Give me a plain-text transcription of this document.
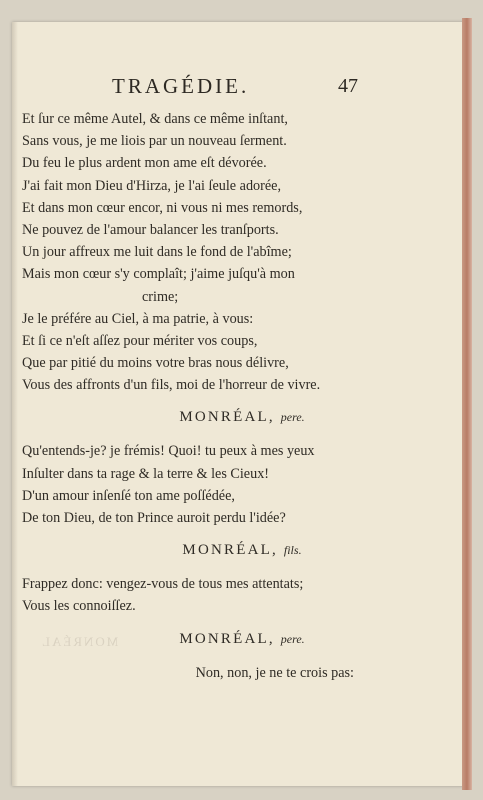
MONRÉAL
TRAGÉDIE.	47
Et ſur ce même Autel, & dans ce même inſtant,
Sans vous, je me liois par un nouveau ſerment.
Du feu le plus ardent mon ame eſt dévorée.
J'ai fait mon Dieu d'Hirza, je l'ai ſeule adorée,
Et dans mon cœur encor, ni vous ni mes remords,
Ne pouvez de l'amour balancer les tranſports.
Un jour affreux me luit dans le fond de l'abîme;
Mais mon cœur s'y complaît; j'aime juſqu'à mon
crime;
Je le préfére au Ciel, à ma patrie, à vous:
Et ſi ce n'eſt aſſez pour mériter vos coups,
Que par pitié du moins votre bras nous délivre,
Vous des affronts d'un fils, moi de l'horreur de vivre.
MONRÉAL, pere.
Qu'entends-je? je frémis! Quoi! tu peux à mes yeux
Inſulter dans ta rage & la terre & les Cieux!
D'un amour inſenſé ton ame poſſédée,
De ton Dieu, de ton Prince auroit perdu l'idée?
MONRÉAL, fils.
Frappez donc: vengez-vous de tous mes attentats;
Vous les connoiſſez.
MONRÉAL, pere.
Non, non, je ne te crois pas:
